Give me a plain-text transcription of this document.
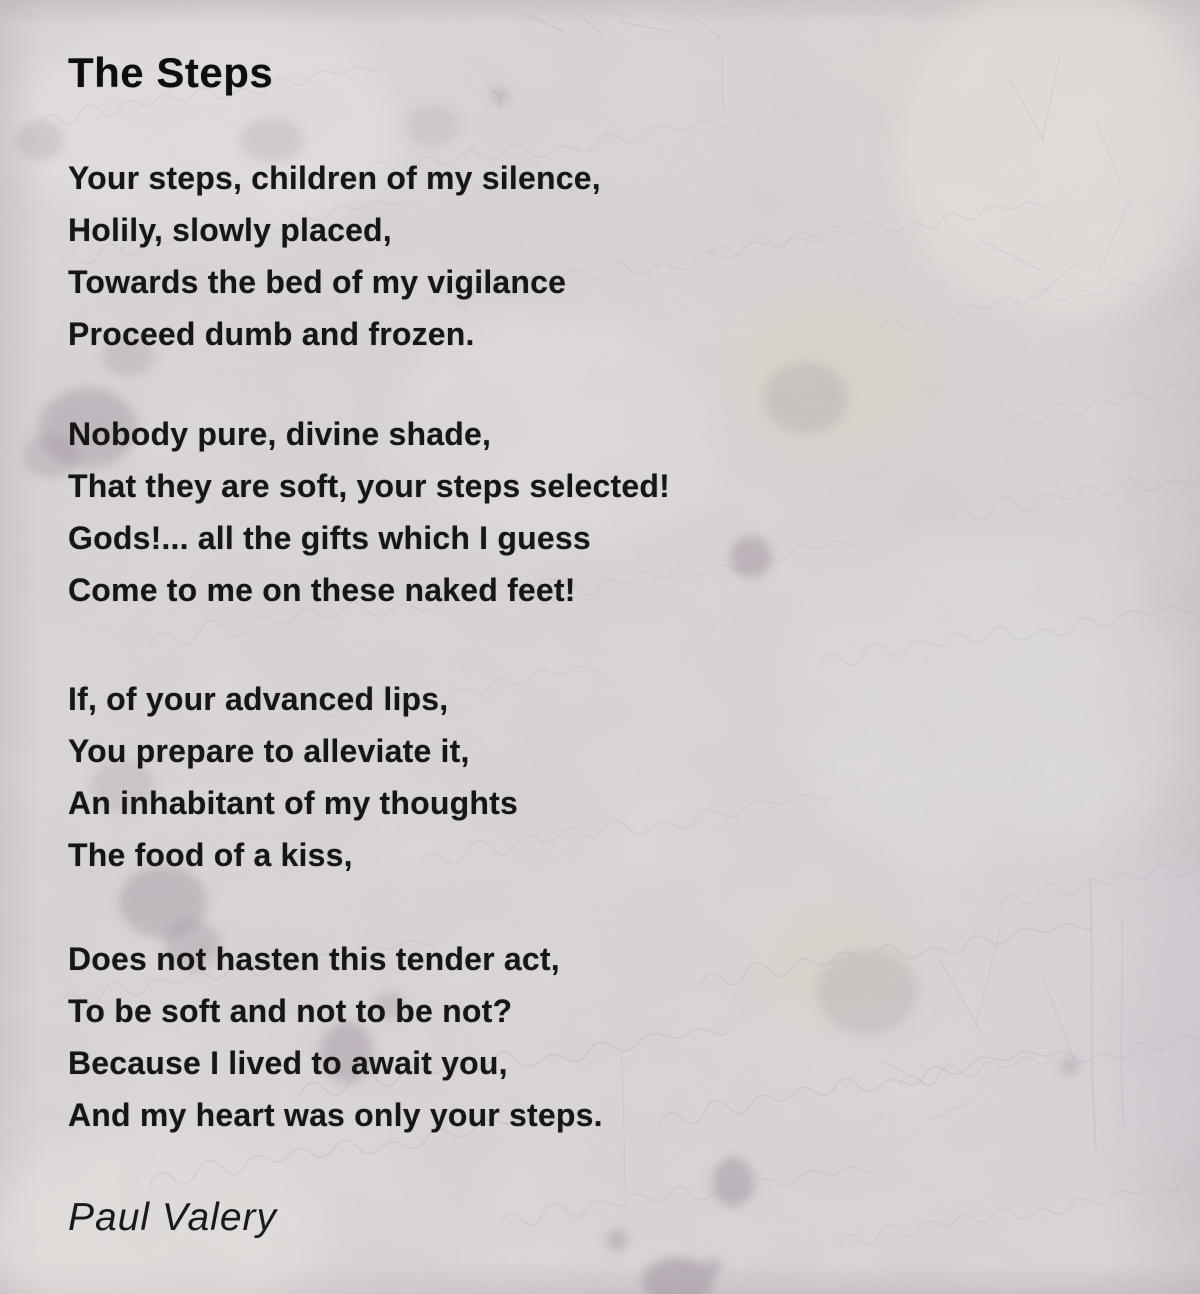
The Steps

Your steps, children of my silence,

Holily, slowly placed,

Towards the bed of my vigilance

Proceed dumb and frozen.

Nobody pure, divine shade,

That they are soft, your steps selected!

Gods!... all the gifts which I guess

Come to me on these naked feet!

If, of your advanced lips,

You prepare to alleviate it,

An inhabitant of my thoughts

The food of a kiss,

Does not hasten this tender act,

To be soft and not to be not?

Because I lived to await you,

And my heart was only your steps.

Paul Valery
